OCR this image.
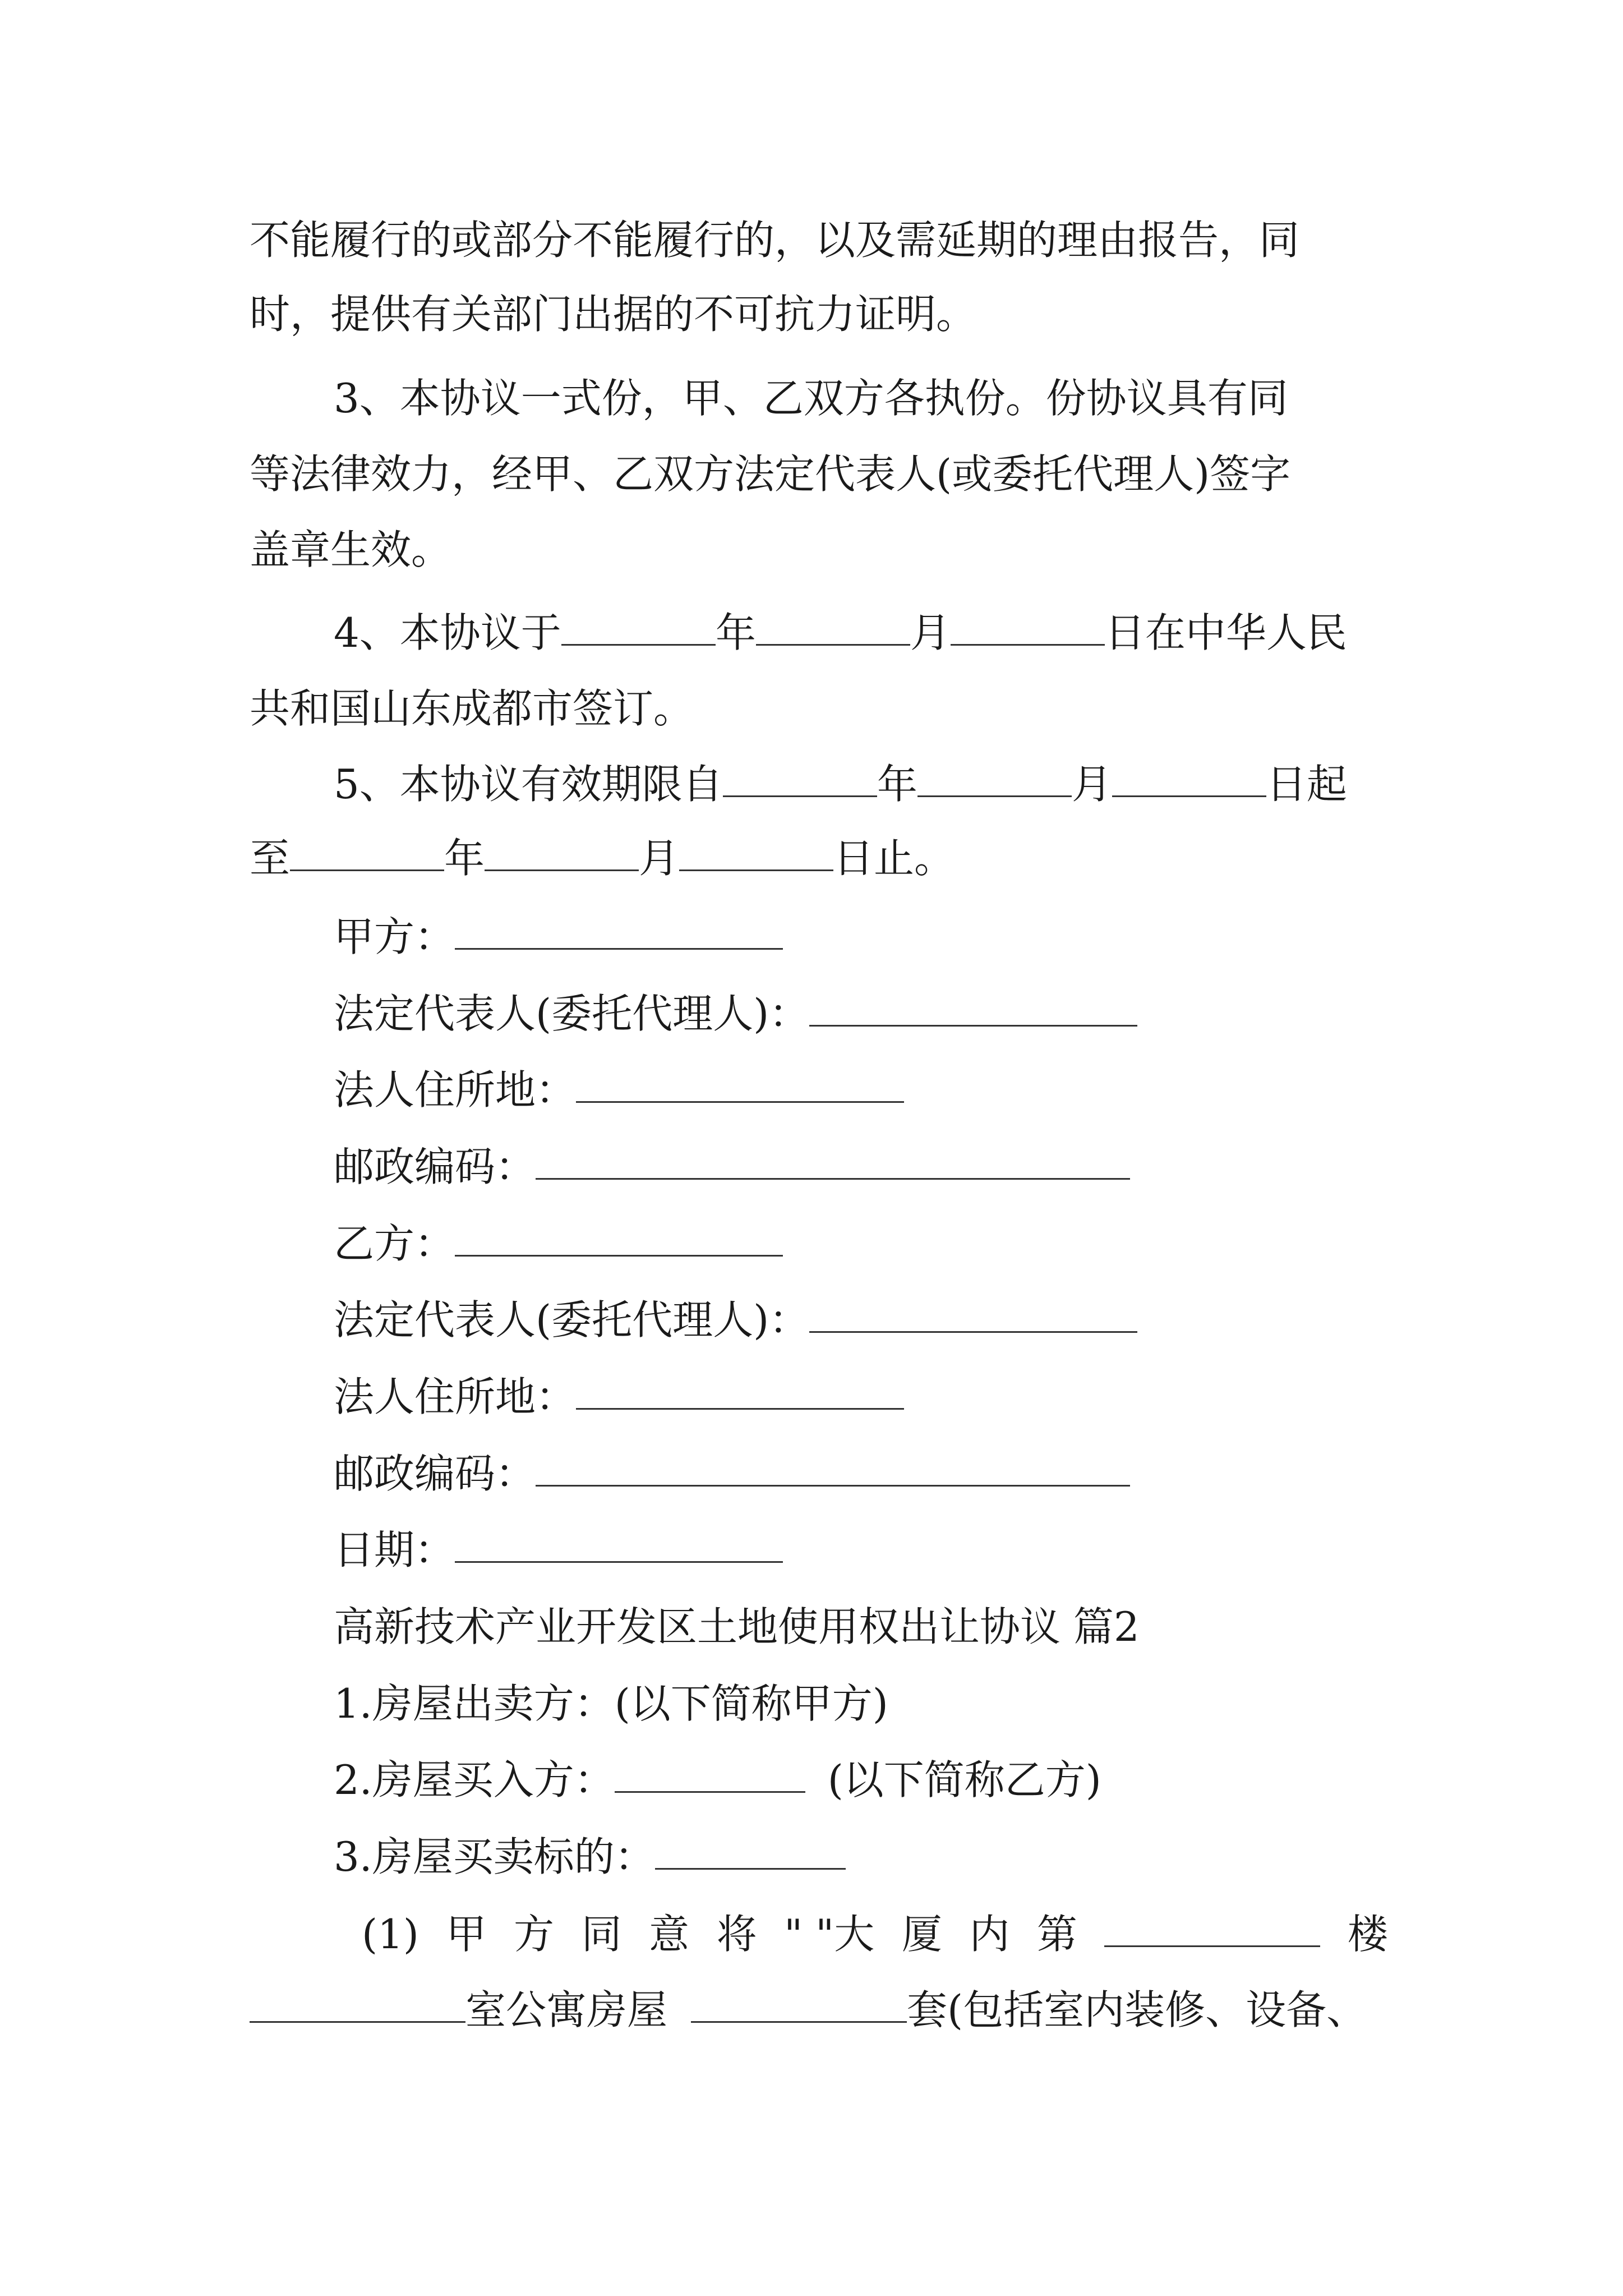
不能履行的或部分不能履行的，以及需延期的理由报告，同
时，提供有关部门出据的不可抗力证明。
3、本协议一式份，甲、乙双方各执份。份协议具有同
等法律效力，经甲、乙双方法定代表人(或委托代理人)签字
盖章生效。
4、本协议于	年	月	日在中华人民
共和国山东成都市签订。
5、本协议有效期限自	年	月	日起
至	年	月	日止。
甲方：
法定代表人(委托代理人)：
法人住所地：
邮政编码：
乙方：
法定代表人(委托代理人)：
法人住所地：
邮政编码：
日期：
高新技术产业开发区土地使用权出让协议 篇2
1.房屋出卖方：(以下简称甲方)
2.房屋买入方：	(以下简称乙方)
3.房屋买卖标的：
(1) 甲 方 同 意 将 " "大 厦 内 第	楼
室公寓房屋	套(包括室内装修、设备、
